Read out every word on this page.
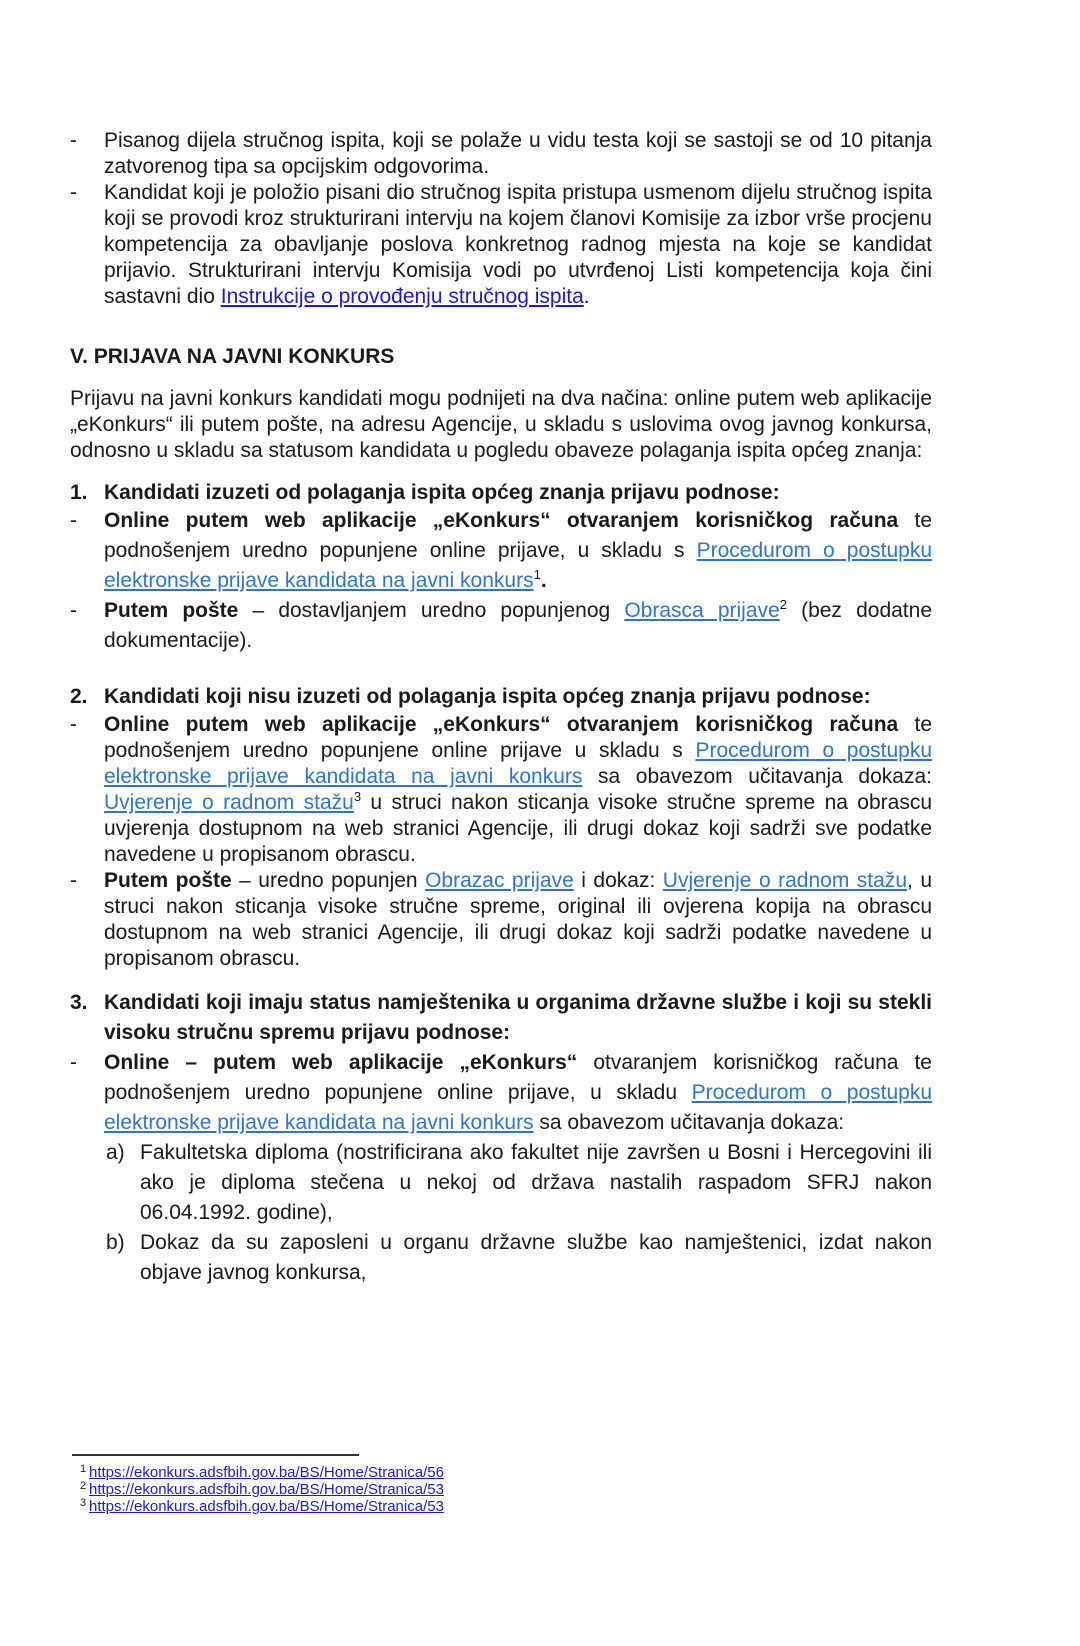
- Pisanog dijela stručnog ispita, koji se polaže u vidu testa koji se sastoji se od 10 pitanja zatvorenog tipa sa opcijskim odgovorima.
- Kandidat koji je položio pisani dio stručnog ispita pristupa usmenom dijelu stručnog ispita koji se provodi kroz strukturirani intervju na kojem članovi Komisije za izbor vrše procjenu kompetencija za obavljanje poslova konkretnog radnog mjesta na koje se kandidat prijavio. Strukturirani intervju Komisija vodi po utvrđenoj Listi kompetencija koja čini sastavni dio Instrukcije o provođenju stručnog ispita.
V. PRIJAVA NA JAVNI KONKURS

Prijavu na javni konkurs kandidati mogu podnijeti na dva načina: online putem web aplikacije „eKonkurs“ ili putem pošte, na adresu Agencije, u skladu s uslovima ovog javnog konkursa, odnosno u skladu sa statusom kandidata u pogledu obaveze polaganja ispita općeg znanja:

1. Kandidati izuzeti od polaganja ispita općeg znanja prijavu podnose:
- Online putem web aplikacije „eKonkurs“ otvaranjem korisničkog računa te podnošenjem uredno popunjene online prijave, u skladu s Procedurom o postupku elektronske prijave kandidata na javni konkurs$^1$.
- Putem pošte – dostavljanjem uredno popunjenog Obrasca prijave$^2$ (bez dodatne dokumentacije).
2. Kandidati koji nisu izuzeti od polaganja ispita općeg znanja prijavu podnose:
- Online putem web aplikacije „eKonkurs“ otvaranjem korisničkog računa te podnošenjem uredno popunjene online prijave u skladu s Procedurom o postupku elektronske prijave kandidata na javni konkurs sa obavezom učitavanja dokaza: Uvjerenje o radnom stažu$^3$ u struci nakon sticanja visoke stručne spreme na obrascu uvjerenja dostupnom na web stranici Agencije, ili drugi dokaz koji sadrži sve podatke navedene u propisanom obrascu.
- Putem pošte – uredno popunjen Obrazac prijave i dokaz: Uvjerenje o radnom stažu, u struci nakon sticanja visoke stručne spreme, original ili ovjerena kopija na obrascu dostupnom na web stranici Agencije, ili drugi dokaz koji sadrži podatke navedene u propisanom obrascu.
3. Kandidati koji imaju status namještenika u organima državne službe i koji su stekli visoku stručnu spremu prijavu podnose:
- Online – putem web aplikacije „eKonkurs“ otvaranjem korisničkog računa te podnošenjem uredno popunjene online prijave, u skladu Procedurom o postupku elektronske prijave kandidata na javni konkurs sa obavezom učitavanja dokaza:
a) Fakultetska diploma (nostrificirana ako fakultet nije završen u Bosni i Hercegovini ili ako je diploma stečena u nekoj od država nastalih raspadom SFRJ nakon 06.04.1992. godine),
b) Dokaz da su zaposleni u organu državne službe kao namještenici, izdat nakon objave javnog konkursa,
1 https://ekonkurs.adsfbih.gov.ba/BS/Home/Stranica/56
2 https://ekonkurs.adsfbih.gov.ba/BS/Home/Stranica/53
3 https://ekonkurs.adsfbih.gov.ba/BS/Home/Stranica/53
